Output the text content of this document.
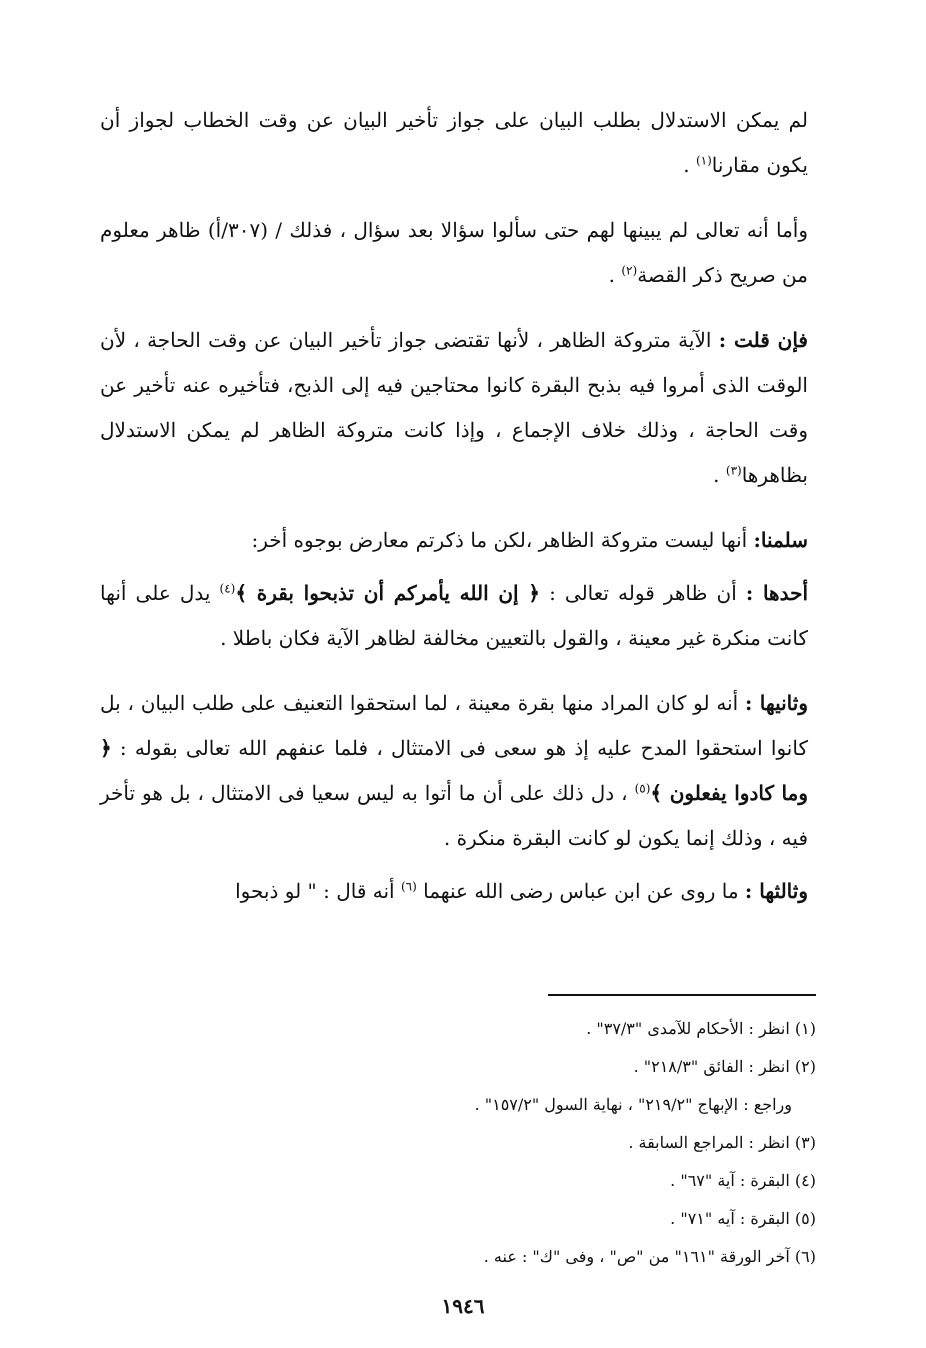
لم يمكن الاستدلال بطلب البيان على جواز تأخير البيان عن وقت الخطاب لجواز أن يكون مقارنا$^{(١)}$ .

وأما أنه تعالى لم يبينها لهم حتى سألوا سؤالا بعد سؤال ، فذلك / (٣٠٧/أ) ظاهر معلوم من صريح ذكر القصة$^{(٢)}$ .

فإن قلت : الآية متروكة الظاهر ، لأنها تقتضى جواز تأخير البيان عن وقت الحاجة ، لأن الوقت الذى أمروا فيه بذبح البقرة كانوا محتاجين فيه إلى الذبح، فتأخيره عنه تأخير عن وقت الحاجة ، وذلك خلاف الإجماع ، وإذا كانت متروكة الظاهر لم يمكن الاستدلال بظاهرها$^{(٣)}$ .

سلمنا: أنها ليست متروكة الظاهر ،لكن ما ذكرتم معارض بوجوه أخر:

أحدها : أن ظاهر قوله تعالى : ﴿ إن الله يأمركم أن تذبحوا بقرة ﴾$^{(٤)}$ يدل على أنها كانت منكرة غير معينة ، والقول بالتعيين مخالفة لظاهر الآية فكان باطلا .

وثانيها : أنه لو كان المراد منها بقرة معينة ، لما استحقوا التعنيف على طلب البيان ، بل كانوا استحقوا المدح عليه إذ هو سعى فى الامتثال ، فلما عنفهم الله تعالى بقوله : ﴿ وما كادوا يفعلون ﴾$^{(٥)}$ ، دل ذلك على أن ما أتوا به ليس سعيا فى الامتثال ، بل هو تأخر فيه ، وذلك إنما يكون لو كانت البقرة منكرة .

وثالثها : ما روى عن ابن عباس رضى الله عنهما $^{(٦)}$ أنه قال : " لو ذبحوا

(١) انظر : الأحكام للآمدى "٣٧/٣" .
(٢) انظر : الفائق "٢١٨/٣" .
وراجع : الإبهاج "٢١٩/٢" ، نهاية السول "١٥٧/٢" .
(٣) انظر : المراجع السابقة .
(٤) البقرة : آية "٦٧" .
(٥) البقرة : آيه "٧١" .
(٦) آخر الورقة "١٦١" من "ص" ، وفى "ك" : عنه .
١٩٤٦
